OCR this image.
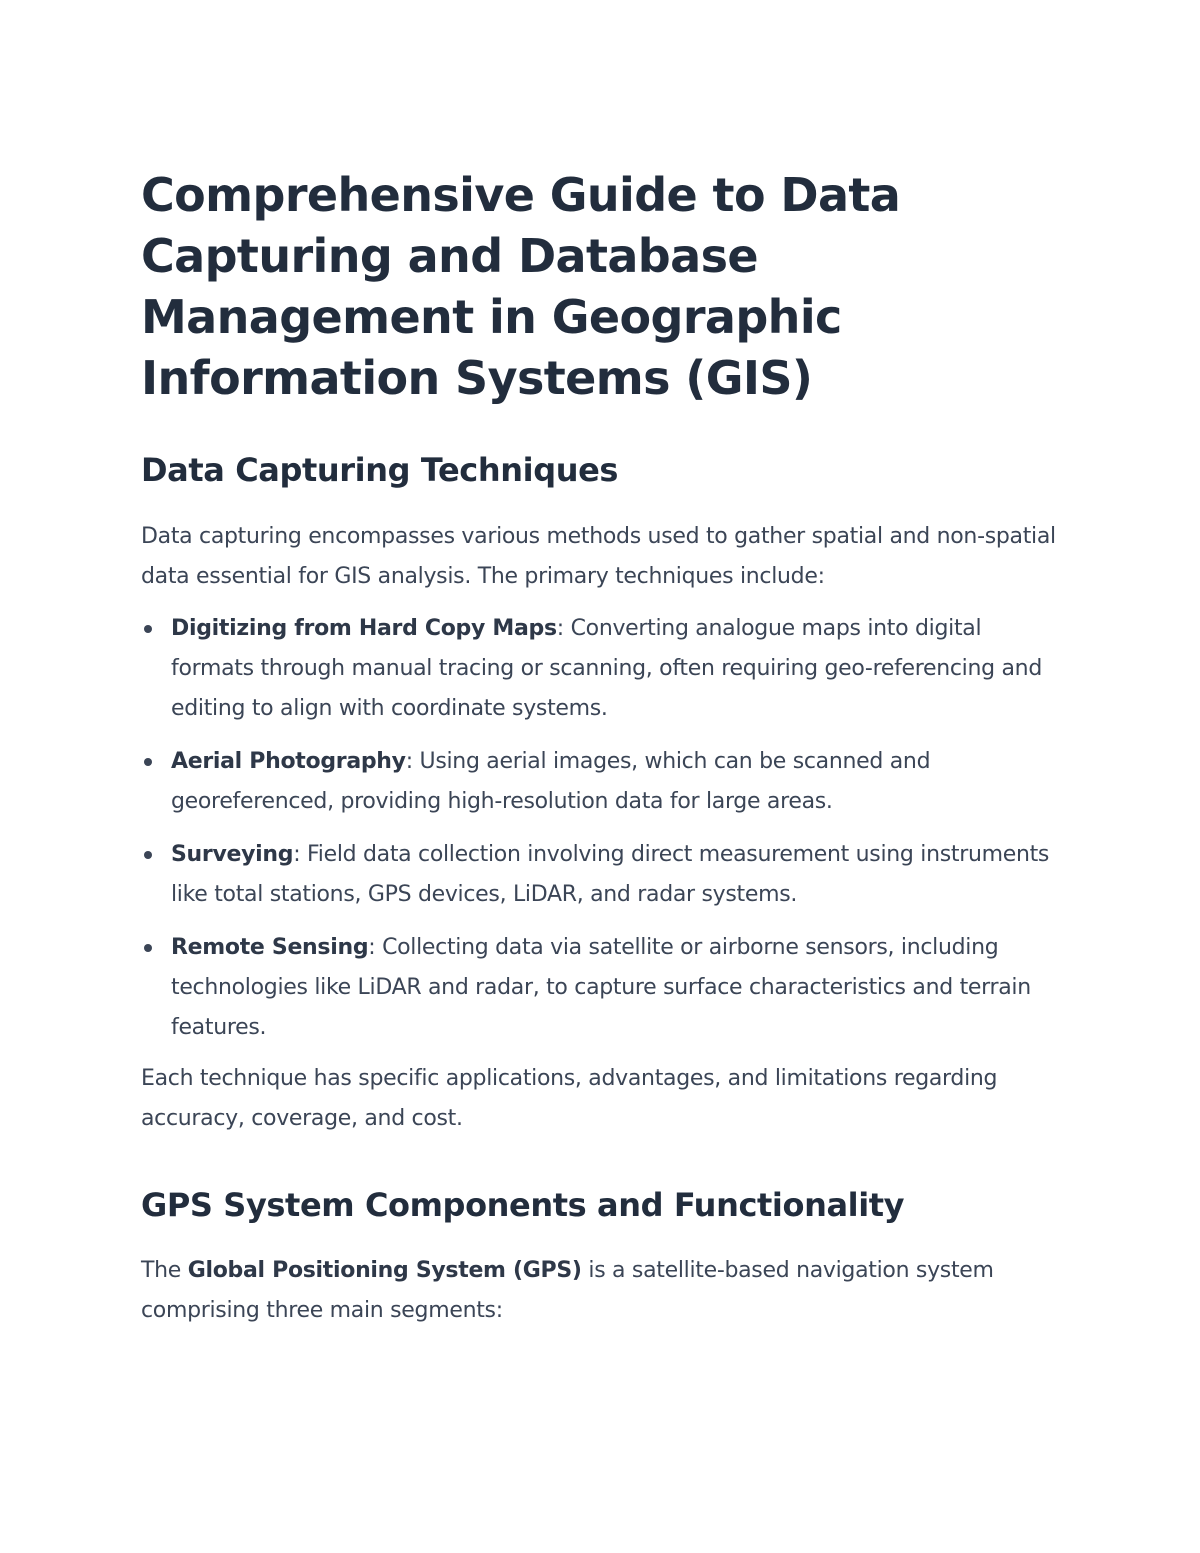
Comprehensive Guide to Data Capturing and Database Management in Geographic Information Systems (GIS)
Data Capturing Techniques

Data capturing encompasses various methods used to gather spatial and non-spatial data essential for GIS analysis. The primary techniques include:

Digitizing from Hard Copy Maps: Converting analogue maps into digital formats through manual tracing or scanning, often requiring geo-referencing and editing to align with coordinate systems.
Aerial Photography: Using aerial images, which can be scanned and georeferenced, providing high-resolution data for large areas.
Surveying: Field data collection involving direct measurement using instruments like total stations, GPS devices, LiDAR, and radar systems.
Remote Sensing: Collecting data via satellite or airborne sensors, including technologies like LiDAR and radar, to capture surface characteristics and terrain features.

Each technique has specific applications, advantages, and limitations regarding accuracy, coverage, and cost.

GPS System Components and Functionality

The Global Positioning System (GPS) is a satellite-based navigation system comprising three main segments:
